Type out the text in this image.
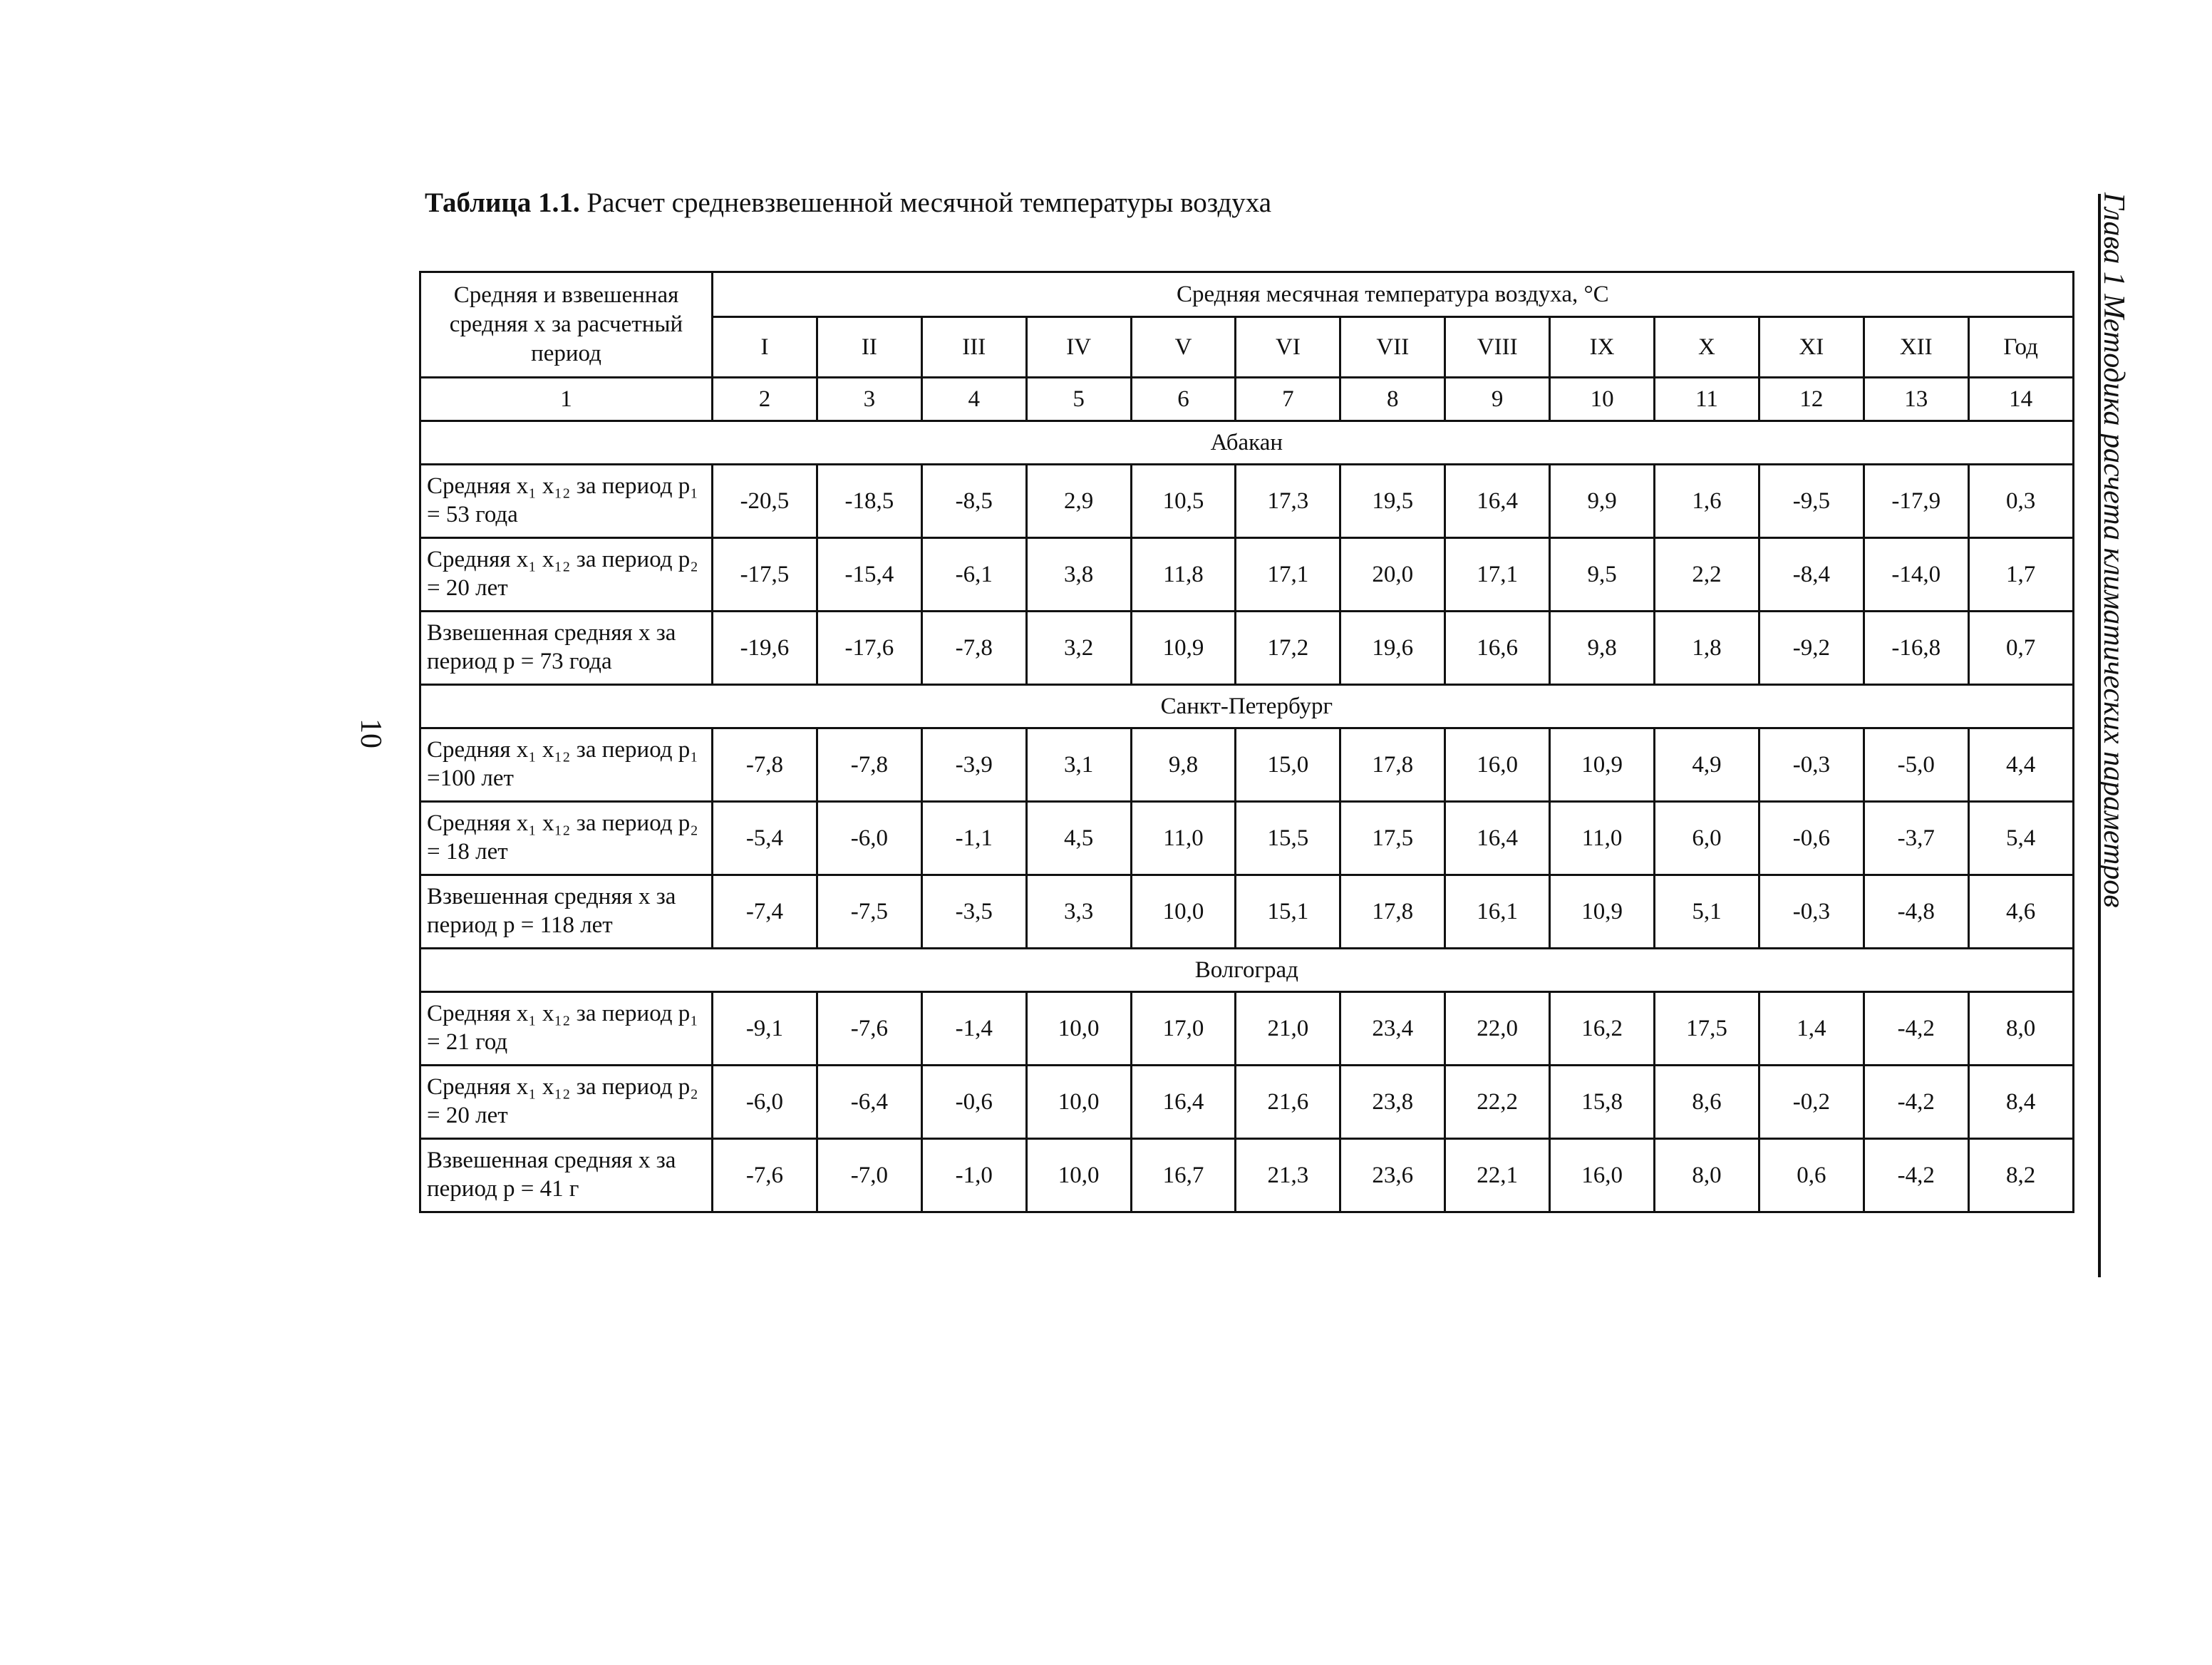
Таблица 1.1. Расчет средневзвешенной месячной температуры воздуха
Средняя и взвешенная средняя x за расчетный период	Средняя месячная температура воздуха, °C												
	I	II	III	IV	V	VI	VII	VIII	IX	X	XI	XII	Год
1	2	3	4	5	6	7	8	9	10	11	12	13	14
Абакан													
Средняя x₁ x₁₂ за период p₁ = 53 года	-20,5	-18,5	-8,5	2,9	10,5	17,3	19,5	16,4	9,9	1,6	-9,5	-17,9	0,3
Средняя x₁ x₁₂ за период p₂ = 20 лет	-17,5	-15,4	-6,1	3,8	11,8	17,1	20,0	17,1	9,5	2,2	-8,4	-14,0	1,7
Взвешенная средняя x за период p = 73 года	-19,6	-17,6	-7,8	3,2	10,9	17,2	19,6	16,6	9,8	1,8	-9,2	-16,8	0,7
Санкт-Петербург													
Средняя x₁ x₁₂ за период p₁ =100 лет	-7,8	-7,8	-3,9	3,1	9,8	15,0	17,8	16,0	10,9	4,9	-0,3	-5,0	4,4
Средняя x₁ x₁₂ за период p₂ = 18 лет	-5,4	-6,0	-1,1	4,5	11,0	15,5	17,5	16,4	11,0	6,0	-0,6	-3,7	5,4
Взвешенная средняя x за период p = 118 лет	-7,4	-7,5	-3,5	3,3	10,0	15,1	17,8	16,1	10,9	5,1	-0,3	-4,8	4,6
Волгоград													
Средняя x₁ x₁₂ за период p₁ = 21 год	-9,1	-7,6	-1,4	10,0	17,0	21,0	23,4	22,0	16,2	17,5	1,4	-4,2	8,0
Средняя x₁ x₁₂ за период p₂ = 20 лет	-6,0	-6,4	-0,6	10,0	16,4	21,6	23,8	22,2	15,8	8,6	-0,2	-4,2	8,4
Взвешенная средняя x за период p = 41 г	-7,6	-7,0	-1,0	10,0	16,7	21,3	23,6	22,1	16,0	8,0	0,6	-4,2	8,2
Глава 1 Методика расчета климатических параметров
10
